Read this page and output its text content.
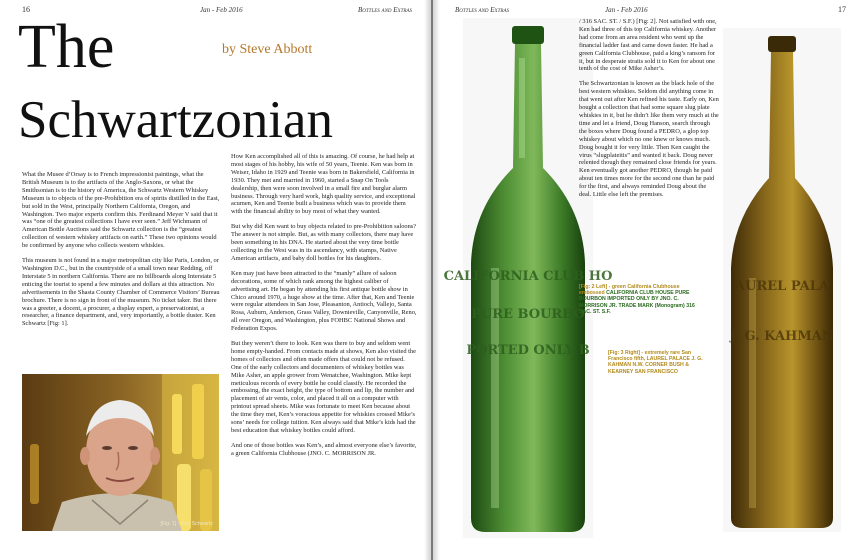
16	Jan - Feb 2016	Bottles and Extras
The	by Steve Abbott
Schwartzonian

What the Musee d’Orsay is to French impressionist paintings, what the British Museum is to the artifacts of the Anglo-Saxons, or what the Smithsonian is to the history of America, the Schwartz Western Whiskey Museum is to objects of the pre-Prohibition era of spirits distilled in the East, but sold in the West, principally Northern California, Oregon, and Washington. Two major experts confirm this. Ferdinand Meyer V said that it was “one of the greatest collections I have ever seen.” Jeff Wichmann of American Bottle Auctions said the Schwartz collection is the “greatest collection of western whiskey artifacts on earth.” These two opinions would be confirmed by anyone who collects western whiskies.

This museum is not found in a major metropolitan city like Paris, London, or Washington D.C., but in the countryside of a small town near Redding, off Interstate 5 in northern California. There are no billboards along Interstate 5 enticing the tourist to spend a few minutes and dollars at this attraction. No advertisements in the Shasta County Chamber of Commerce Visitors’ Bureau brochure. There is no sign in front of the museum. No ticket taker. But there was a greeter, a docent, a procurer, a display expert, a preservationist, a researcher, a finance department, and, very importantly, a bottle duster. Ken Schwartz [Fig: 1].

[Fig: 1] - Ken Schwartz

How Ken accomplished all of this is amazing. Of course, he had help at most stages of his hobby, his wife of 50 years, Teenie. Ken was born in Weiser, Idaho in 1929 and Teenie was born in Bakersfield, California in 1930. They met and married in 1960, started a Snap On Tools dealership, then were soon involved in a small fire and burglar alarm business. Through very hard work, high quality service, and exceptional acumen, Ken and Teenie built a business which was to provide them with the financial ability to buy most of what they wanted.

But why did Ken want to buy objects related to pre-Prohibition saloons? The answer is not simple. But, as with many collectors, there may have been something in his DNA. He started about the very time bottle collecting in the West was in its ascendancy, with stamps, Native American artifacts, and baby doll bottles for his daughters.

Ken may just have been attracted to the “manly” allure of saloon decorations, some of which rank among the highest caliber of advertising art. He began by attending his first antique bottle show in Chico around 1970, a huge show at the time. After that, Ken and Teenie were regular attendees in San Jose, Pleasanton, Antioch, Vallejo, Santa Rosa, Auburn, Anderson, Grass Valley, Downieville, Canyonville, Reno, all over Oregon, and Washington, plus FOHBC National Shows and Federation Expos.

But they weren’t there to look. Ken was there to buy and seldom went home empty-handed. From contacts made at shows, Ken also visited the homes of collectors and often made offers that could not be refused. One of the early collectors and documenters of whiskey bottles was Mike Asher, an apple grower from Wenatchee, Washington. Mike kept meticulous records of every bottle he could classify. He recorded the embossing, the exact height, the type of bottom and lip, the number and placement of air vents, color, and placed it all on a computer with printout spread sheets. Mike was fortunate to meet Ken because about the time they met, Ken’s voracious appetite for whiskies crossed Mike’s sons’ needs for college tuition. Ken always said that Mike’s kids had the best education that whiskey bottles could afford.

And one of those bottles was Ken’s, and almost everyone else’s favorite, a green California Clubhouse (JNO. C. MORRISON JR.

Bottles and Extras	Jan - Feb 2016	17
CALIFORNIA CLUB HO
PURE BOURBO
PORTED ONLY B

/ 316 SAC. ST. / S.F.) [Fig: 2]. Not satisfied with one, Ken had three of this top California whiskey. Another had come from an area resident who went up the financial ladder fast and came down faster. He had a green California Clubhouse, paid a king’s ransom for it, but in desperate straits sold it to Ken for about one tenth of the cost of Mike Asher’s.

The Schwartzonian is known as the black hole of the best western whiskies. Seldom did anything come in that went out after Ken refined his taste. Early on, Ken bought a collection that had some square slug plate whiskies in it, but he didn’t like them very much at the time and let a friend, Doug Hanson, search through the boxes where Doug found a PEDRO, a glop top whiskey about which no one knew or knows much. Doug bought it for very little. Then Ken caught the virus “slugplateitis” and wanted it back. Doug never relented though they remained close friends for years. Ken eventually got another PEDRO, though he paid about ten times more for the second one than he paid for the first, and always reminded Doug about the deal. Little else left the premises.

[Fig: 2 Left] - green California Clubhouse embossed CALIFORNIA CLUB HOUSE PURE BOURBON IMPORTED ONLY BY JNO. C. MORRISON JR. TRADE MARK (Monogram) 316 SAC. ST. S.F.
[Fig: 3 Right] - extremely rare San Francisco fifth, LAUREL PALACE J. G. KAHMAN N.W. CORNER BUSH & KEARNEY SAN FRANCISCO
AUREL PALA
J. G. KAHMAN
